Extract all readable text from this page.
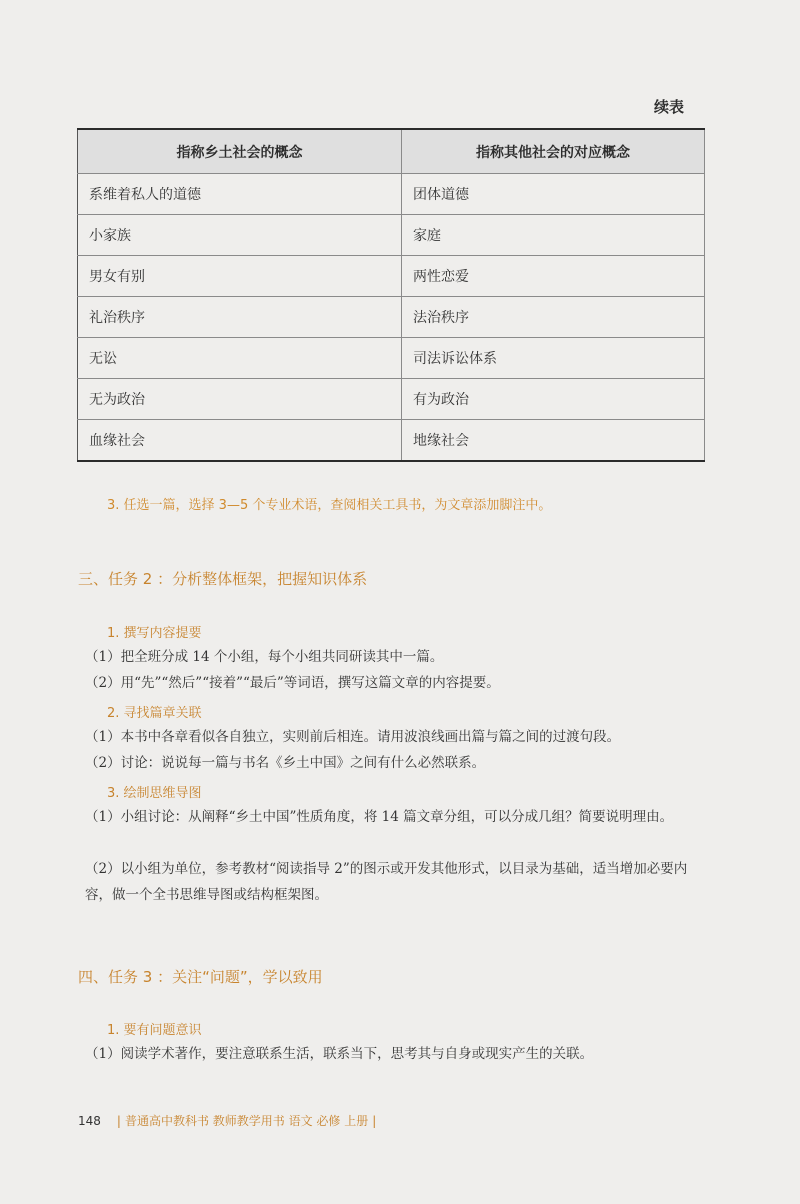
续表
指称乡土社会的概念	指称其他社会的对应概念
系维着私人的道德	团体道德
小家族	家庭
男女有别	两性恋爱
礼治秩序	法治秩序
无讼	司法诉讼体系
无为政治	有为政治
血缘社会	地缘社会
3. 任选一篇，选择 3—5 个专业术语，查阅相关工具书，为文章添加脚注中。
三、任务 2 ：分析整体框架，把握知识体系
1. 撰写内容提要
（1）把全班分成 14 个小组，每个小组共同研读其中一篇。
（2）用“先”“然后”“接着”“最后”等词语，撰写这篇文章的内容提要。
2. 寻找篇章关联
（1）本书中各章看似各自独立，实则前后相连。请用波浪线画出篇与篇之间的过渡句段。
（2）讨论：说说每一篇与书名《乡土中国》之间有什么必然联系。
3. 绘制思维导图
（1）小组讨论：从阐释“乡土中国”性质角度，将 14 篇文章分组，可以分成几组？简要说明理由。
（2）以小组为单位，参考教材“阅读指导 2”的图示或开发其他形式，以目录为基础，适当增加必要内容，做一个全书思维导图或结构框架图。
四、任务 3 ：关注“问题”，学以致用
1. 要有问题意识
（1）阅读学术著作，要注意联系生活，联系当下，思考其与自身或现实产生的关联。
148 | 普通高中教科书 教师教学用书 语文 必修 上册 |
